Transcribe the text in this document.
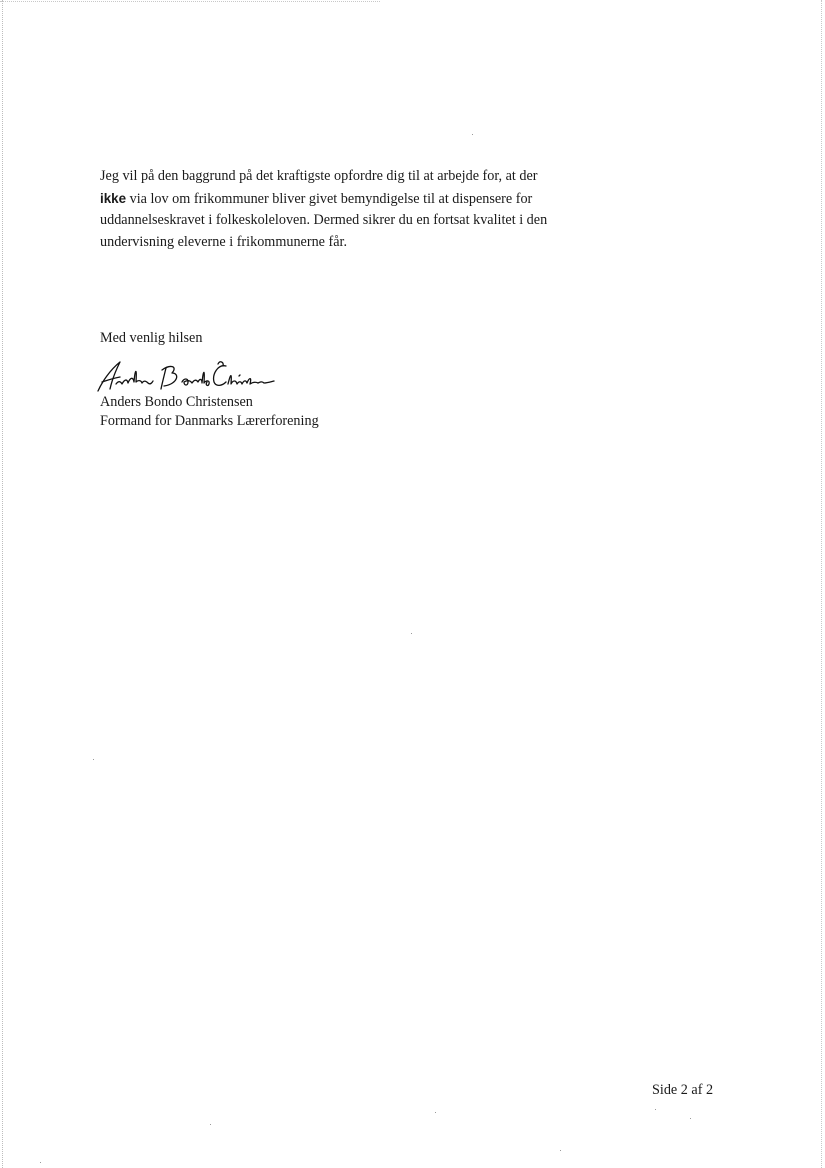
Jeg vil på den baggrund på det kraftigste opfordre dig til at arbejde for, at der
ikke via lov om frikommuner bliver givet bemyndigelse til at dispensere for
uddannelseskravet i folkeskoleloven. Dermed sikrer du en fortsat kvalitet i den
undervisning eleverne i frikommunerne får.

Med venlig hilsen

Anders Bondo Christensen
Formand for Danmarks Lærerforening
Side 2 af 2
